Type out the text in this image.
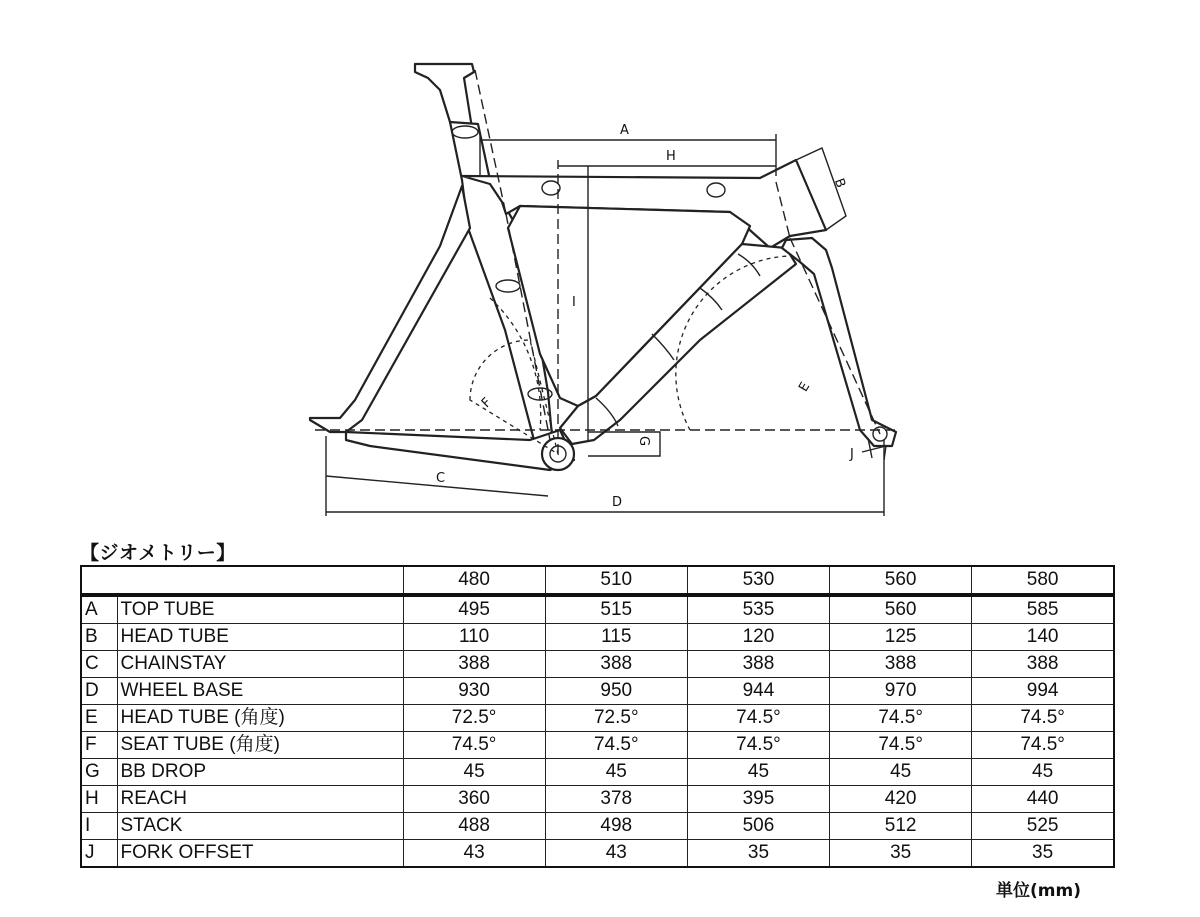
A
H
B
I
G
F
E
C
D
J
【ジオメトリー】
		480	510	530	560	580
A	TOP TUBE	495	515	535	560	585
B	HEAD TUBE	110	115	120	125	140
C	CHAINSTAY	388	388	388	388	388
D	WHEEL BASE	930	950	944	970	994
E	HEAD TUBE (角度)	72.5°	72.5°	74.5°	74.5°	74.5°
F	SEAT TUBE (角度)	74.5°	74.5°	74.5°	74.5°	74.5°
G	BB DROP	45	45	45	45	45
H	REACH	360	378	395	420	440
I	STACK	488	498	506	512	525
J	FORK OFFSET	43	43	35	35	35
単位(mm)
